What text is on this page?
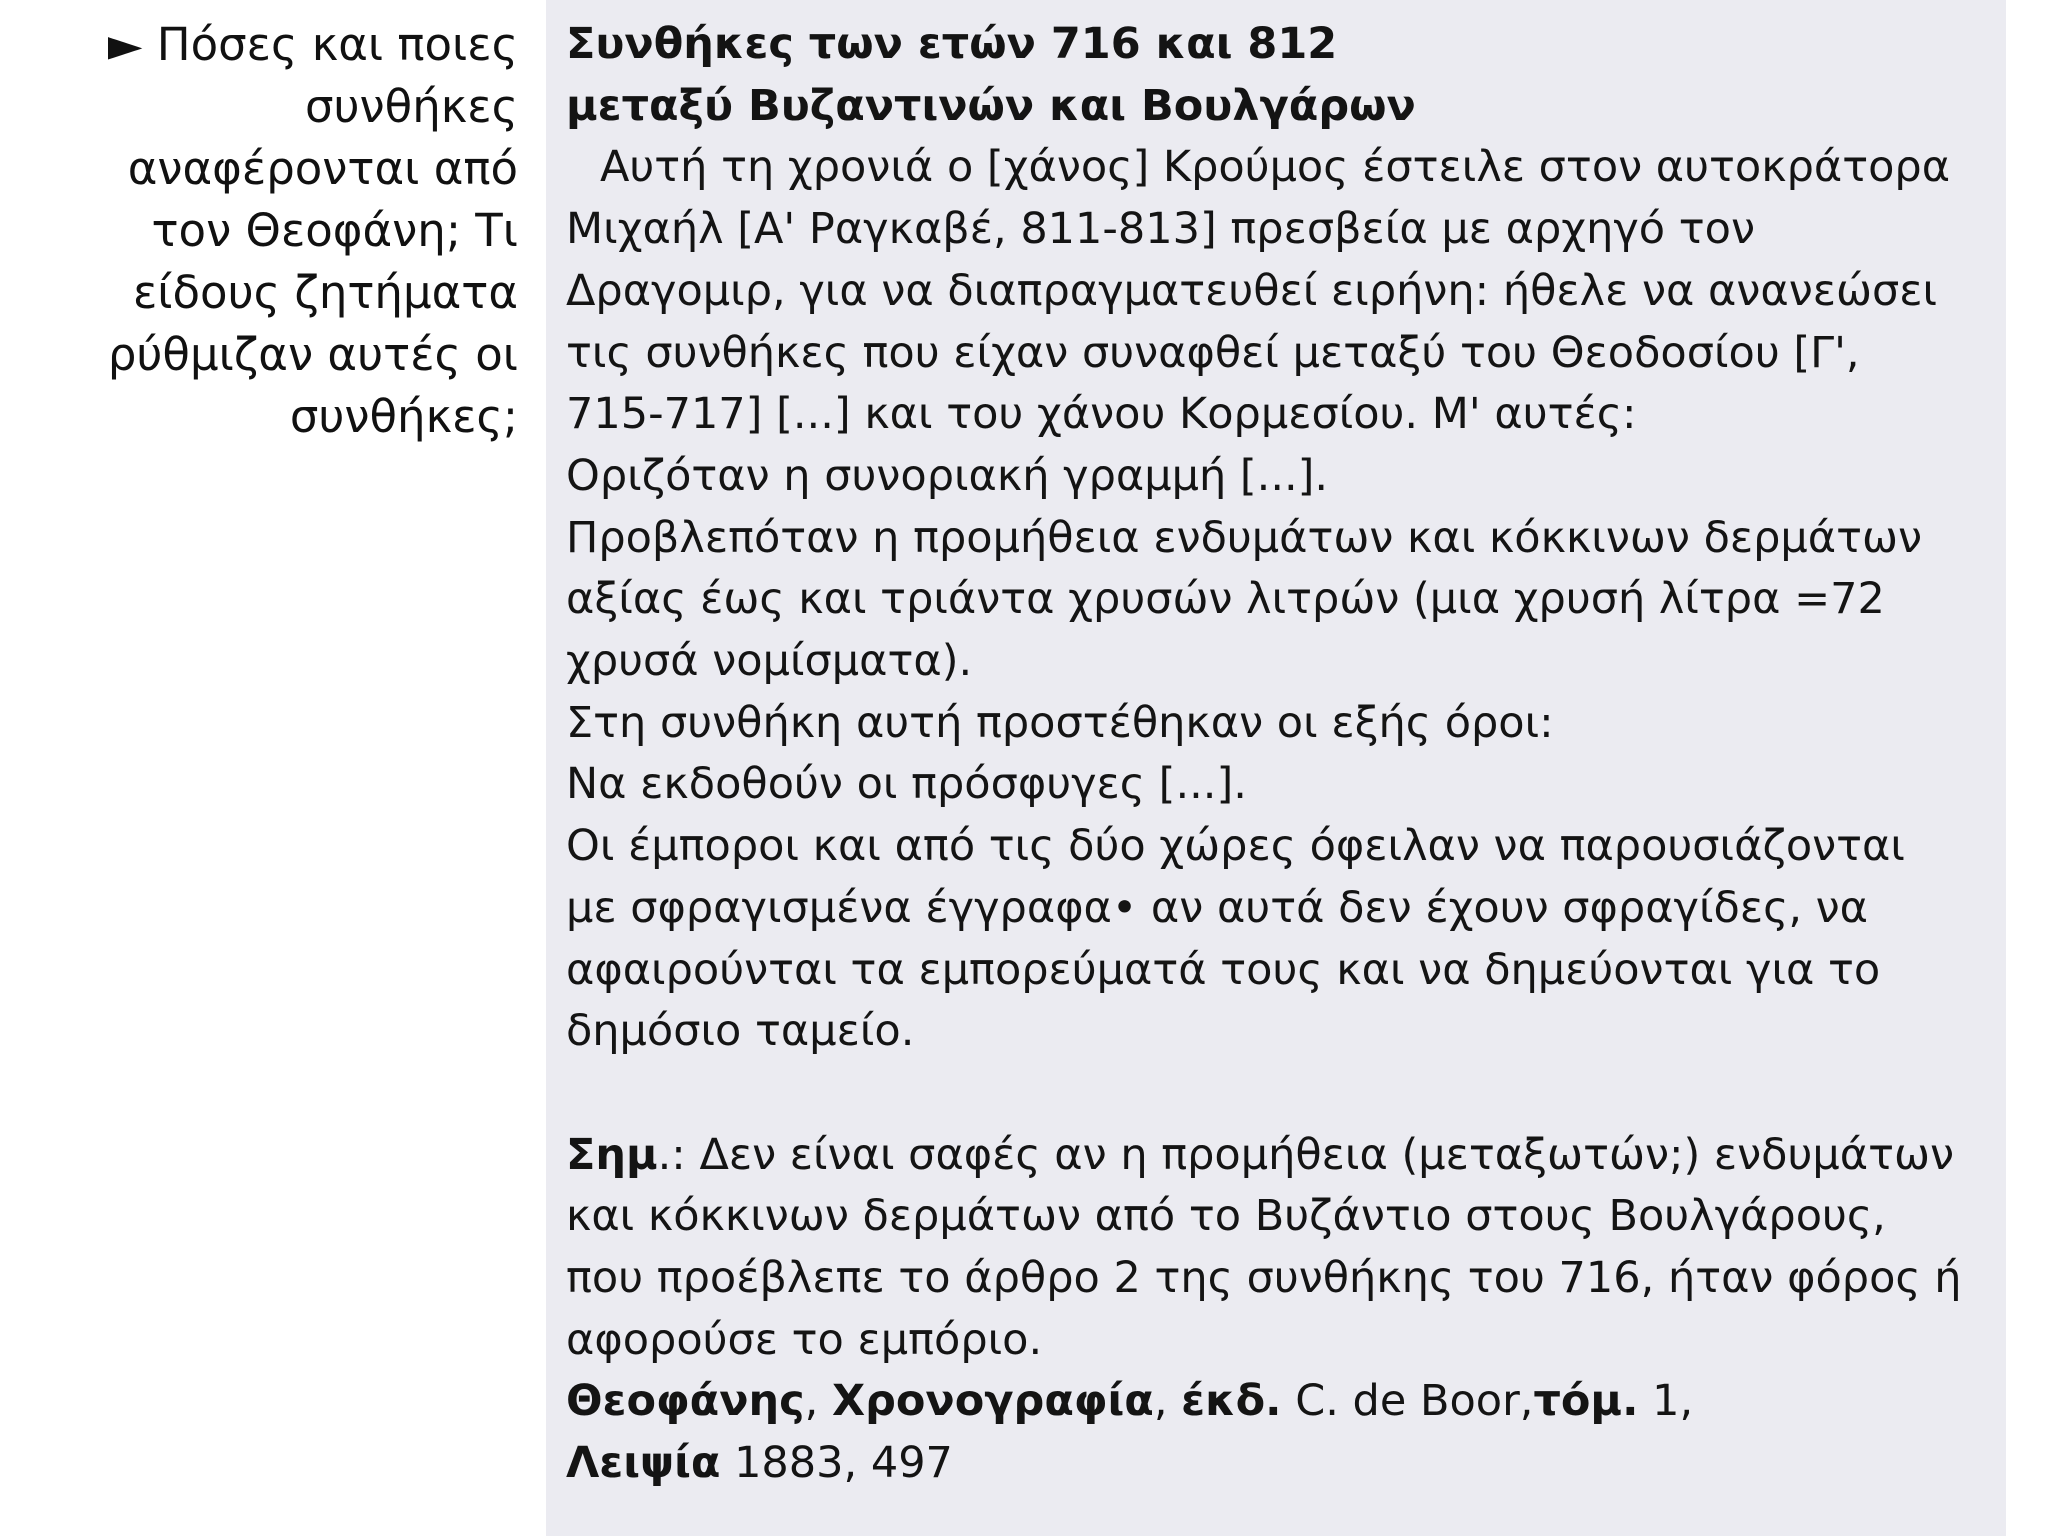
► Πόσες και ποιες
συνθήκες
αναφέρονται από
τον Θεοφάνη; Τι
είδους ζητήματα
ρύθμιζαν αυτές οι
συνθήκες;
Συνθήκες των ετών 716 και 812
μεταξύ Βυζαντινών και Βουλγάρων
Αυτή τη χρονιά ο [χάνος] Κρούμος έστειλε στον αυτοκράτορα
Μιχαήλ [Α' Ραγκαβέ, 811-813] πρεσβεία με αρχηγό τον
Δραγομιρ, για να διαπραγματευθεί ειρήνη: ήθελε να ανανεώσει
τις συνθήκες που είχαν συναφθεί μεταξύ του Θεοδοσίου [Γ',
715-717] [...] και του χάνου Κορμεσίου. Μ' αυτές:
Οριζόταν η συνοριακή γραμμή [...].
Προβλεπόταν η προμήθεια ενδυμάτων και κόκκινων δερμάτων
αξίας έως και τριάντα χρυσών λιτρών (μια χρυσή λίτρα =72
χρυσά νομίσματα).
Στη συνθήκη αυτή προστέθηκαν οι εξής όροι:
Να εκδοθούν οι πρόσφυγες [...].
Οι έμποροι και από τις δύο χώρες όφειλαν να παρουσιάζονται
με σφραγισμένα έγγραφα• αν αυτά δεν έχουν σφραγίδες, να
αφαιρούνται τα εμπορεύματά τους και να δημεύονται για το
δημόσιο ταμείο.
Σημ.: Δεν είναι σαφές αν η προμήθεια (μεταξωτών;) ενδυμάτων
και κόκκινων δερμάτων από το Βυζάντιο στους Βουλγάρους,
που προέβλεπε το άρθρο 2 της συνθήκης του 716, ήταν φόρος ή
αφορούσε το εμπόριο.
Θεοφάνης, Χρονογραφία, έκδ. C. de Boor,τόμ. 1,
Λειψία 1883, 497
